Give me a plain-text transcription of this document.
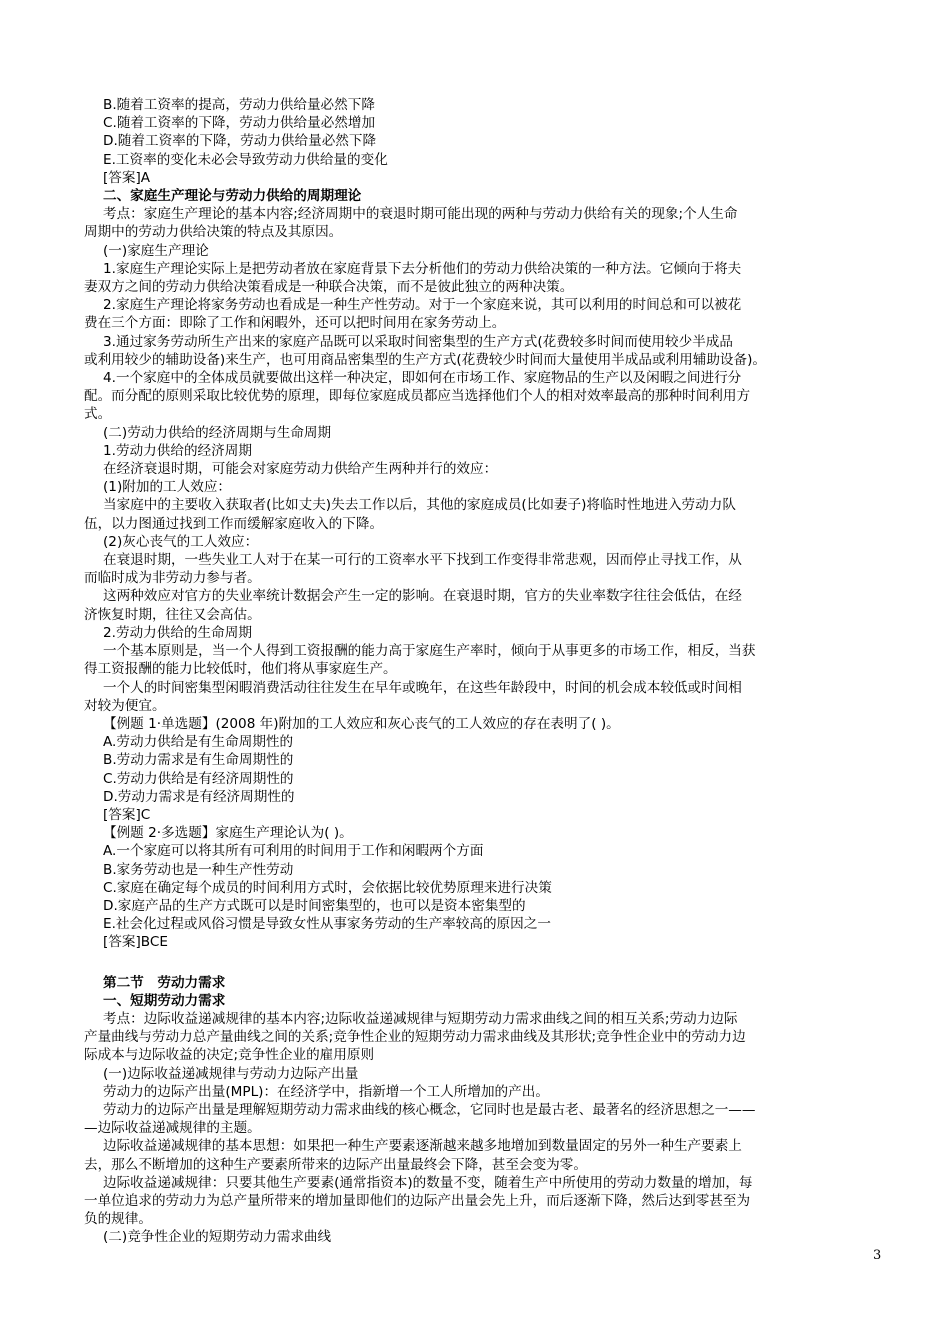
B.随着工资率的提高，劳动力供给量必然下降
C.随着工资率的下降，劳动力供给量必然增加
D.随着工资率的下降，劳动力供给量必然下降
E.工资率的变化未必会导致劳动力供给量的变化
[答案]A
二、家庭生产理论与劳动力供给的周期理论
考点：家庭生产理论的基本内容;经济周期中的衰退时期可能出现的两种与劳动力供给有关的现象;个人生命
周期中的劳动力供给决策的特点及其原因。
(一)家庭生产理论
1.家庭生产理论实际上是把劳动者放在家庭背景下去分析他们的劳动力供给决策的一种方法。它倾向于将夫
妻双方之间的劳动力供给决策看成是一种联合决策，而不是彼此独立的两种决策。
2.家庭生产理论将家务劳动也看成是一种生产性劳动。对于一个家庭来说，其可以利用的时间总和可以被花
费在三个方面：即除了工作和闲暇外，还可以把时间用在家务劳动上。
3.通过家务劳动所生产出来的家庭产品既可以采取时间密集型的生产方式(花费较多时间而使用较少半成品
或利用较少的辅助设备)来生产，也可用商品密集型的生产方式(花费较少时间而大量使用半成品或利用辅助设备)。
4.一个家庭中的全体成员就要做出这样一种决定，即如何在市场工作、家庭物品的生产以及闲暇之间进行分
配。而分配的原则采取比较优势的原理，即每位家庭成员都应当选择他们个人的相对效率最高的那种时间利用方
式。
(二)劳动力供给的经济周期与生命周期
1.劳动力供给的经济周期
在经济衰退时期，可能会对家庭劳动力供给产生两种并行的效应：
(1)附加的工人效应：
当家庭中的主要收入获取者(比如丈夫)失去工作以后，其他的家庭成员(比如妻子)将临时性地进入劳动力队
伍，以力图通过找到工作而缓解家庭收入的下降。
(2)灰心丧气的工人效应：
在衰退时期，一些失业工人对于在某一可行的工资率水平下找到工作变得非常悲观，因而停止寻找工作，从
而临时成为非劳动力参与者。
这两种效应对官方的失业率统计数据会产生一定的影响。在衰退时期，官方的失业率数字往往会低估，在经
济恢复时期，往往又会高估。
2.劳动力供给的生命周期
一个基本原则是，当一个人得到工资报酬的能力高于家庭生产率时，倾向于从事更多的市场工作，相反，当获
得工资报酬的能力比较低时，他们将从事家庭生产。
一个人的时间密集型闲暇消费活动往往发生在早年或晚年，在这些年龄段中，时间的机会成本较低或时间相
对较为便宜。
【例题 1·单选题】(2008 年)附加的工人效应和灰心丧气的工人效应的存在表明了( )。
A.劳动力供给是有生命周期性的
B.劳动力需求是有生命周期性的
C.劳动力供给是有经济周期性的
D.劳动力需求是有经济周期性的
[答案]C
【例题 2·多选题】家庭生产理论认为( )。
A.一个家庭可以将其所有可利用的时间用于工作和闲暇两个方面
B.家务劳动也是一种生产性劳动
C.家庭在确定每个成员的时间利用方式时，会依据比较优势原理来进行决策
D.家庭产品的生产方式既可以是时间密集型的，也可以是资本密集型的
E.社会化过程或风俗习惯是导致女性从事家务劳动的生产率较高的原因之一
[答案]BCE
第二节　劳动力需求
一、短期劳动力需求
考点：边际收益递减规律的基本内容;边际收益递减规律与短期劳动力需求曲线之间的相互关系;劳动力边际
产量曲线与劳动力总产量曲线之间的关系;竞争性企业的短期劳动力需求曲线及其形状;竞争性企业中的劳动力边
际成本与边际收益的决定;竞争性企业的雇用原则
(一)边际收益递减规律与劳动力边际产出量
劳动力的边际产出量(MPL)：在经济学中，指新增一个工人所增加的产出。
劳动力的边际产出量是理解短期劳动力需求曲线的核心概念，它同时也是最古老、最著名的经济思想之一——
—边际收益递减规律的主题。
边际收益递减规律的基本思想：如果把一种生产要素逐渐越来越多地增加到数量固定的另外一种生产要素上
去，那么不断增加的这种生产要素所带来的边际产出量最终会下降，甚至会变为零。
边际收益递减规律：只要其他生产要素(通常指资本)的数量不变，随着生产中所使用的劳动力数量的增加，每
一单位追求的劳动力为总产量所带来的增加量即他们的边际产出量会先上升，而后逐渐下降，然后达到零甚至为
负的规律。
(二)竞争性企业的短期劳动力需求曲线
3
